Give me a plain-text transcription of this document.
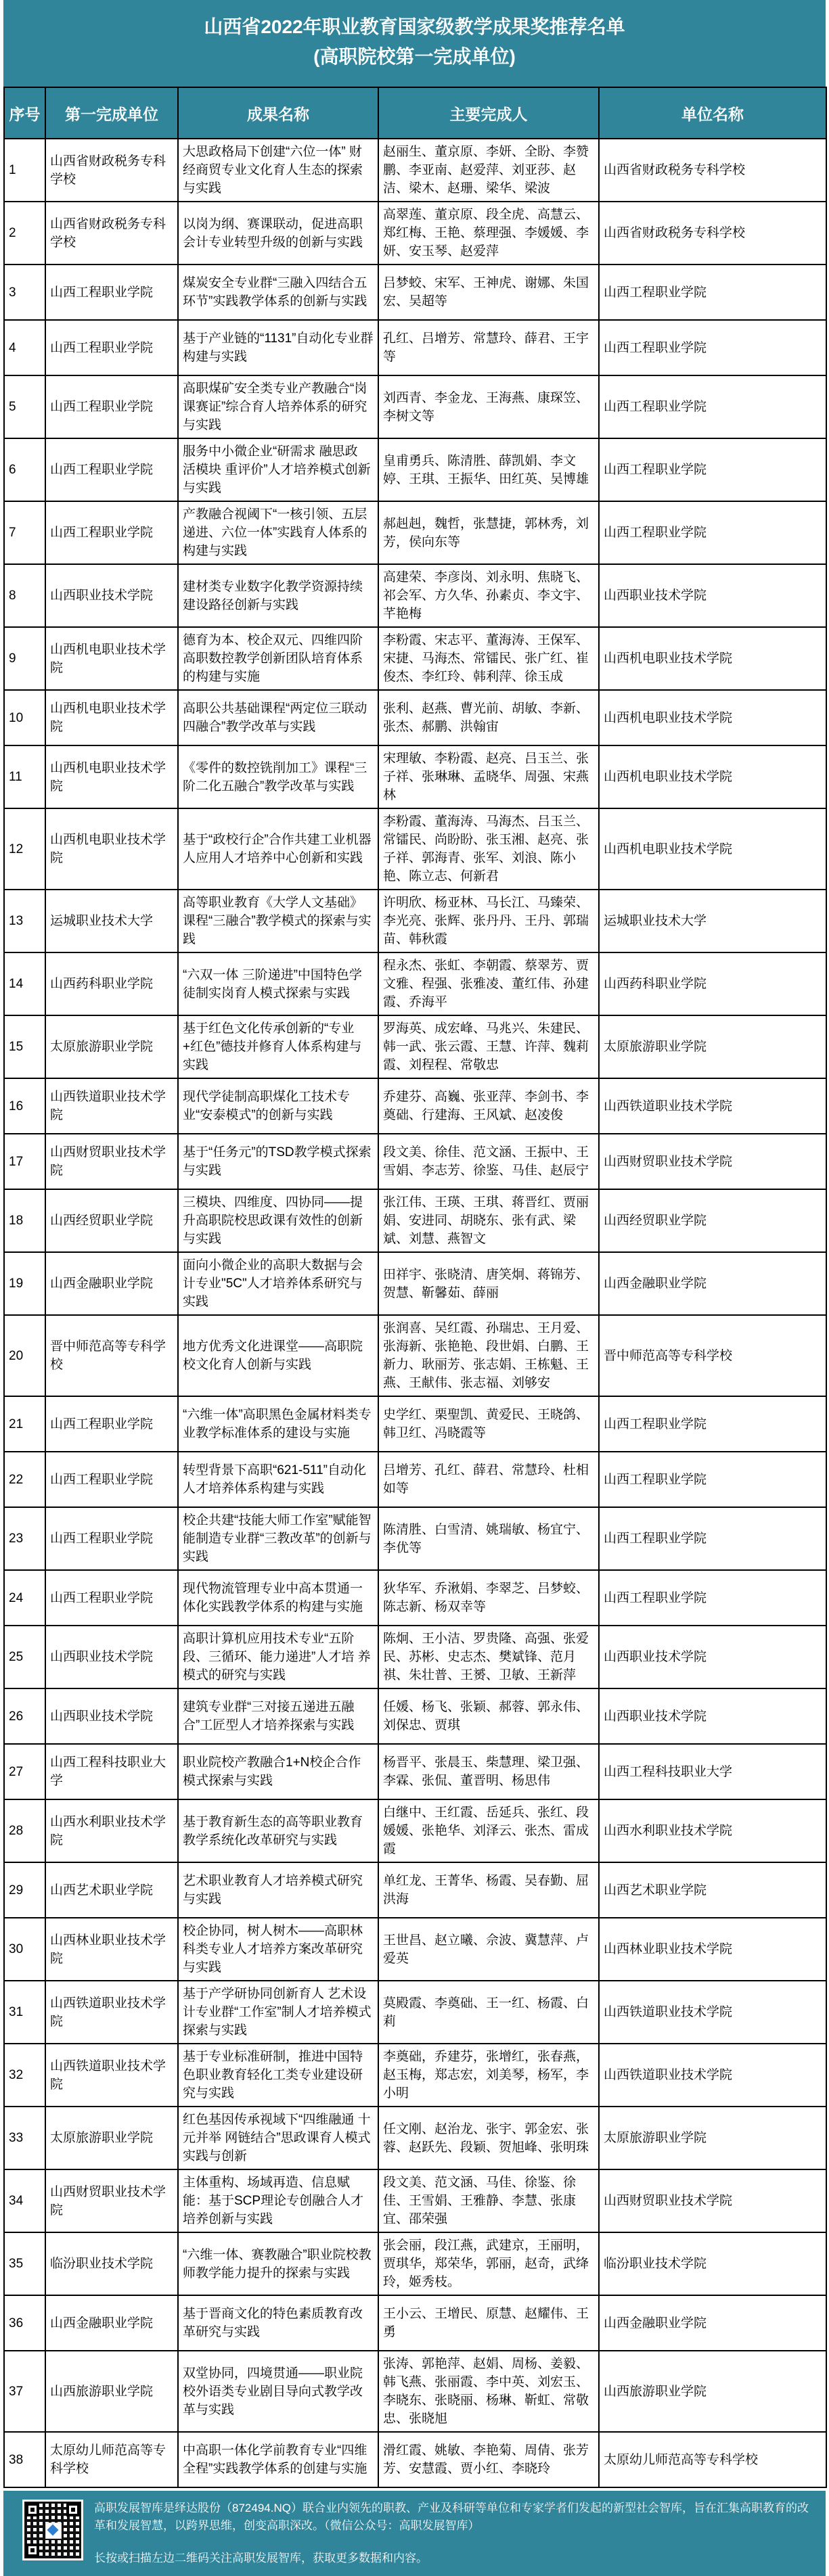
山西省2022年职业教育国家级教学成果奖推荐名单
(高职院校第一完成单位)
序号	第一完成单位	成果名称	主要完成人	单位名称
1	山西省财政税务专科学校	大思政格局下创建“六位一体” 财经商贸专业文化育人生态的探索与实践	赵丽生、董京原、李妍、全盼、李赞鹏、李亚南、赵爱萍、刘亚莎、赵洁、梁木、赵珊、梁华、梁波	山西省财政税务专科学校
2	山西省财政税务专科学校	以岗为纲、赛课联动，促进高职会计专业转型升级的创新与实践	高翠莲、董京原、段全虎、高慧云、郑红梅、王艳、蔡理强、李媛媛、李妍、安玉琴、赵爱萍	山西省财政税务专科学校
3	山西工程职业学院	煤炭安全专业群“三融入四结合五环节”实践教学体系的创新与实践	吕梦蛟、宋军、王神虎、谢娜、朱国宏、吴超等	山西工程职业学院
4	山西工程职业学院	基于产业链的“1131”自动化专业群构建与实践	孔红、吕增芳、常慧玲、薛君、王宇等	山西工程职业学院
5	山西工程职业学院	高职煤矿安全类专业产教融合“岗课赛证”综合育人培养体系的研究与实践	刘西青、李金龙、王海燕、康琛笠、李树文等	山西工程职业学院
6	山西工程职业学院	服务中小微企业“研需求 融思政 活模块 重评价”人才培养模式创新与实践	皇甫勇兵、陈清胜、薛凯娟、李文婷、王琪、王振华、田红英、吴博雄	山西工程职业学院
7	山西工程职业学院	产教融合视阈下“一核引领、五层递进、六位一体”实践育人体系的构建与实践	郝赳赳，魏哲，张慧捷，郭林秀，刘芳，侯向东等	山西工程职业学院
8	山西职业技术学院	建材类专业数字化教学资源持续建设路径创新与实践	高建荣、李彦岗、刘永明、焦晓飞、祁会军、方久华、孙素贞、李文宇、芊艳梅	山西职业技术学院
9	山西机电职业技术学院	德育为本、校企双元、四维四阶高职数控教学创新团队培育体系的构建与实施	李粉霞、宋志平、董海涛、王保军、宋捷、马海杰、常镭民、张广红、崔俊杰、李红玲、韩利萍、徐玉成	山西机电职业技术学院
10	山西机电职业技术学院	高职公共基础课程“两定位三联动四融合”教学改革与实践	张利、赵燕、曹光前、胡敏、李新、张杰、郝鹏、洪翰宙	山西机电职业技术学院
11	山西机电职业技术学院	《零件的数控铣削加工》课程“三阶二化五融合”教学改革与实践	宋理敏、李粉霞、赵亮、吕玉兰、张子祥、张琳琳、孟晓华、周强、宋燕林	山西机电职业技术学院
12	山西机电职业技术学院	基于“政校行企”合作共建工业机器人应用人才培养中心创新和实践	李粉霞、董海涛、马海杰、吕玉兰、常镭民、尚盼盼、张玉湘、赵亮、张子祥、郭海青、张军、刘浪、陈小艳、陈立志、何新君	山西机电职业技术学院
13	运城职业技术大学	高等职业教育《大学人文基础》课程“三融合”教学模式的探索与实践	许明欣、杨亚林、马长江、马臻荣、李光亮、张辉、张丹丹、王丹、郭瑞苗、韩秋霞	运城职业技术大学
14	山西药科职业学院	“六双一体 三阶递进”中国特色学徒制实岗育人模式探索与实践	程永杰、张虹、李朝霞、蔡翠芳、贾文雅、程强、张雅凌、董红伟、孙建霞、乔海平	山西药科职业学院
15	太原旅游职业学院	基于红色文化传承创新的“专业+红色”德技并修育人体系构建与实践	罗海英、成宏峰、马兆兴、朱建民、韩一武、张云霞、王慧、许萍、魏莉霞、刘程程、常敬忠	太原旅游职业学院
16	山西铁道职业技术学院	现代学徒制高职煤化工技术专业“安泰模式”的创新与实践	乔建芬、高巍、张亚萍、李剑书、李奠础、行建海、王风斌、赵凌俊	山西铁道职业技术学院
17	山西财贸职业技术学院	基于“任务元”的TSD教学模式探索与实践	段文美、徐佳、范文涵、王振中、王雪娟、李志芳、徐鉴、马佳、赵辰宁	山西财贸职业技术学院
18	山西经贸职业学院	三模块、四维度、四协同——提升高职院校思政课有效性的创新与实践	张江伟、王瑛、王琪、蒋晋红、贾丽娟、安进同、胡晓东、张有武、梁斌、刘慧、燕智文	山西经贸职业学院
19	山西金融职业学院	面向小微企业的高职大数据与会计专业"5C"人才培养体系研究与实践	田祥宇、张晓清、唐笑炯、蒋锦芳、贺慧、靳馨茹、薛丽	山西金融职业学院
20	晋中师范高等专科学校	地方优秀文化进课堂——高职院校文化育人创新与实践	张润喜、吴红霞、孙瑞忠、王月爱、张海新、张艳艳、段世娟、白鹏、王新力、耿丽芳、张志娟、王栋魁、王燕、王献伟、张志福、刘够安	晋中师范高等专科学校
21	山西工程职业学院	“六维一体”高职黑色金属材料类专业教学标准体系的建设与实施	史学红、栗聖凯、黄爱民、王晓鸽、韩卫红、冯晓霞等	山西工程职业学院
22	山西工程职业学院	转型背景下高职“621-511”自动化人才培养体系构建与实践	吕增芳、孔红、薛君、常慧玲、杜相如等	山西工程职业学院
23	山西工程职业学院	校企共建“技能大师工作室”赋能智能制造专业群“三教改革”的创新与实践	陈清胜、白雪清、姚瑞敏、杨宜宁、李优等	山西工程职业学院
24	山西工程职业学院	现代物流管理专业中高本贯通一体化实践教学体系的构建与实施	狄华军、乔湫娟、李翠芝、吕梦蛟、陈志新、杨双幸等	山西工程职业学院
25	山西职业技术学院	高职计算机应用技术专业“五阶段、三循环、能力递进”人才培 养模式的研究与实践	陈炯、王小洁、罗贵隆、高强、张爱民、苏彬、史志杰、樊斌锋、范月祺、朱壮普、王赟、卫敏、王新萍	山西职业技术学院
26	山西职业技术学院	建筑专业群“三对接五递进五融合”工匠型人才培养探索与实践	任媛、杨飞、张颖、郝蓉、郭永伟、刘保忠、贾琪	山西职业技术学院
27	山西工程科技职业大学	职业院校产教融合1+N校企合作模式探索与实践	杨晋平、张晨玉、柴慧理、梁卫强、李霖、张侃、董晋明、杨思伟	山西工程科技职业大学
28	山西水利职业技术学院	基于教育新生态的高等职业教育教学系统化改革研究与实践	白继中、王红霞、岳延兵、张红、段媛媛、张艳华、刘泽云、张杰、雷成霞	山西水利职业技术学院
29	山西艺术职业学院	艺术职业教育人才培养模式研究与实践	单红龙、王菁华、杨霞、吴春勤、屈洪海	山西艺术职业学院
30	山西林业职业技术学院	校企协同，树人树木——高职林科类专业人才培养方案改革研究 与实践	王世昌、赵立曦、佘波、冀慧萍、卢爱英	山西林业职业技术学院
31	山西铁道职业技术学院	基于产学研协同创新育人 艺术设计专业群“工作室”制人才培养模式探索与实践	莫殿霞、李奠础、王一红、杨霞、白莉	山西铁道职业技术学院
32	山西铁道职业技术学院	基于专业标准研制，推进中国特色职业教育轻化工类专业建设研究与实践	李奠础，乔建芬，张增红，张春燕，赵玉梅，郑志宏，刘美琴，杨军，李小明	山西铁道职业技术学院
33	太原旅游职业学院	红色基因传承视域下“四维融通 十元并举 网链结合”思政课育人模式实践与创新	任文刚、赵治龙、张宇、郭金宏、张蓉、赵跃先、段颖、贺旭峰、张明珠	太原旅游职业学院
34	山西财贸职业技术学院	主体重构、场域再造、信息赋能：基于SCP理论专创融合人才培养创新与实践	段文美、范文涵、马佳、徐鉴、徐佳、王雪娟、王雅静、李慧、张康宜、邵荣强	山西财贸职业技术学院
35	临汾职业技术学院	“六维一体、赛教融合”职业院校教师教学能力提升的探索与实践	张会丽，段江燕，武建京，王丽明，贾琪华，郑荣华，郭丽，赵奇，武绛玲，姬秀枝。	临汾职业技术学院
36	山西金融职业学院	基于晋商文化的特色素质教育改革研究与实践	王小云、王增民、原慧、赵耀伟、王勇	山西金融职业学院
37	山西旅游职业学院	双堂协同，四境贯通——职业院校外语类专业剧目导向式教学改革与实践	张涛、郭艳萍、赵娟、周杨、姜毅、韩飞燕、张丽霞、李中英、刘宏玉、李晓东、张晓丽、杨琳、靳虹、常敬忠、张晓旭	山西旅游职业学院
38	太原幼儿师范高等专科学校	中高职一体化学前教育专业“四维全程”实践教学体系的创建与实施	滑红霞、姚敏、李艳菊、周倩、张芳芳、安慧霞、贾小红、李晓玲	太原幼儿师范高等专科学校

高职发展智库是绎达股份（872494.NQ）联合业内领先的职教、产业及科研等单位和专家学者们发起的新型社会智库，旨在汇集高职教育的改革和发展智慧，以跨界思维，创变高职深改。（微信公众号：高职发展智库）

长按或扫描左边二维码关注高职发展智库，获取更多数据和内容。
